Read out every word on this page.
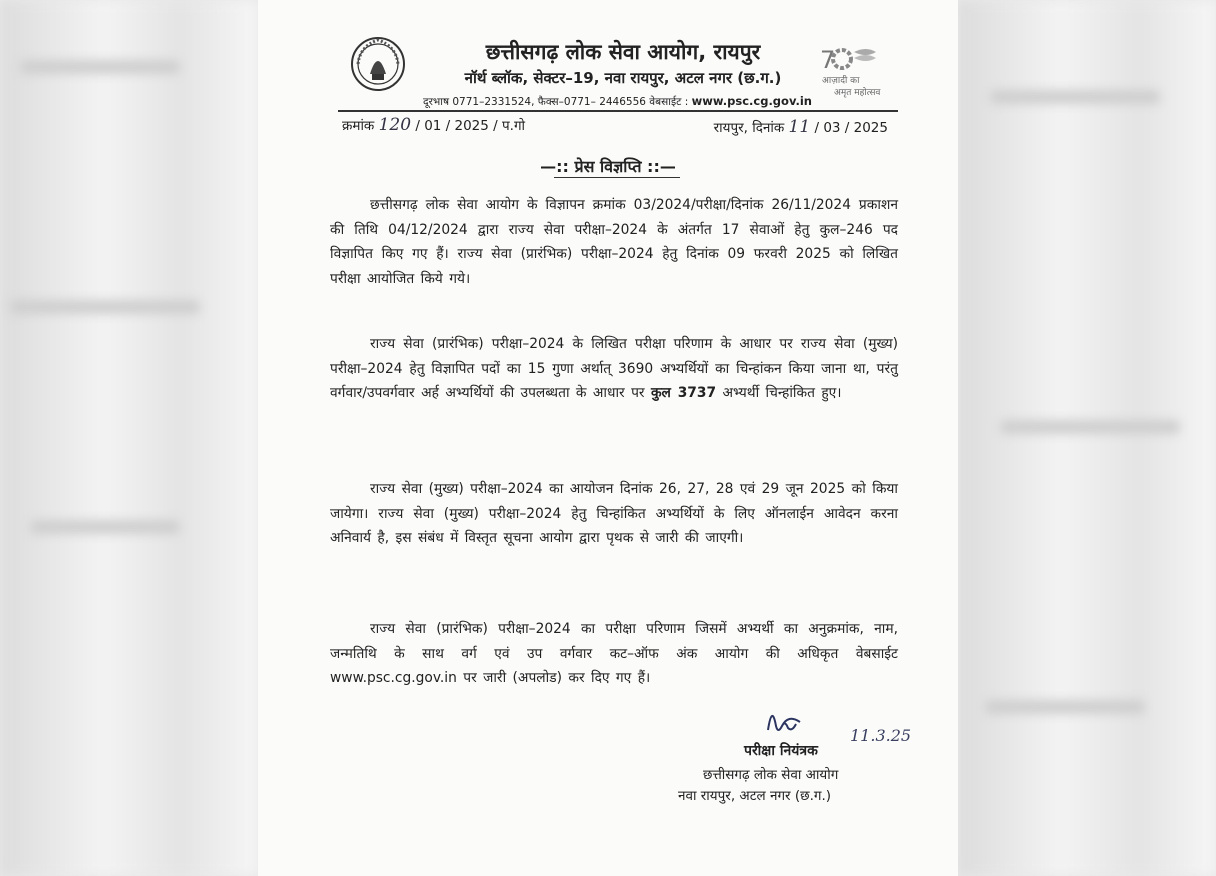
छत्तीसगढ़ लोक सेवा आयोग, रायपुर
नॉर्थ ब्लॉक, सेक्टर–19, नवा रायपुर, अटल नगर (छ.ग.)
दूरभाष 0771–2331524, फैक्स–0771– 2446556 वेबसाईट : www.psc.cg.gov.in
7
आज़ादी का
अमृत महोत्सव
क्रमांक 120 / 01 / 2025 / प.गो	रायपुर, दिनांक 11 / 03 / 2025
—:: प्रेस विज्ञप्ति ::—
छत्तीसगढ़ लोक सेवा आयोग के विज्ञापन क्रमांक 03/2024/परीक्षा/दिनांक 26/11/2024 प्रकाशन की तिथि 04/12/2024 द्वारा राज्य सेवा परीक्षा–2024 के अंतर्गत 17 सेवाओं हेतु कुल–246 पद विज्ञापित किए गए हैं। राज्य सेवा (प्रारंभिक) परीक्षा–2024 हेतु दिनांक 09 फरवरी 2025 को लिखित परीक्षा आयोजित किये गये।
राज्य सेवा (प्रारंभिक) परीक्षा–2024 के लिखित परीक्षा परिणाम के आधार पर राज्य सेवा (मुख्य) परीक्षा–2024 हेतु विज्ञापित पदों का 15 गुणा अर्थात् 3690 अभ्यर्थियों का चिन्हांकन किया जाना था, परंतु वर्गवार/उपवर्गवार अर्ह अभ्यर्थियों की उपलब्धता के आधार पर कुल 3737 अभ्यर्थी चिन्हांकित हुए।
राज्य सेवा (मुख्य) परीक्षा–2024 का आयोजन दिनांक 26, 27, 28 एवं 29 जून 2025 को किया जायेगा। राज्य सेवा (मुख्य) परीक्षा–2024 हेतु चिन्हांकित अभ्यर्थियों के लिए ऑनलाईन आवेदन करना अनिवार्य है, इस संबंध में विस्तृत सूचना आयोग द्वारा पृथक से जारी की जाएगी।
राज्य सेवा (प्रारंभिक) परीक्षा–2024 का परीक्षा परिणाम जिसमें अभ्यर्थी का अनुक्रमांक, नाम, जन्मतिथि के साथ वर्ग एवं उप वर्गवार कट–ऑफ अंक आयोग की अधिकृत वेबसाईट www.psc.cg.gov.in पर जारी (अपलोड) कर दिए गए हैं।
11.3.25
परीक्षा नियंत्रक
छत्तीसगढ़ लोक सेवा आयोग
नवा रायपुर, अटल नगर (छ.ग.)
